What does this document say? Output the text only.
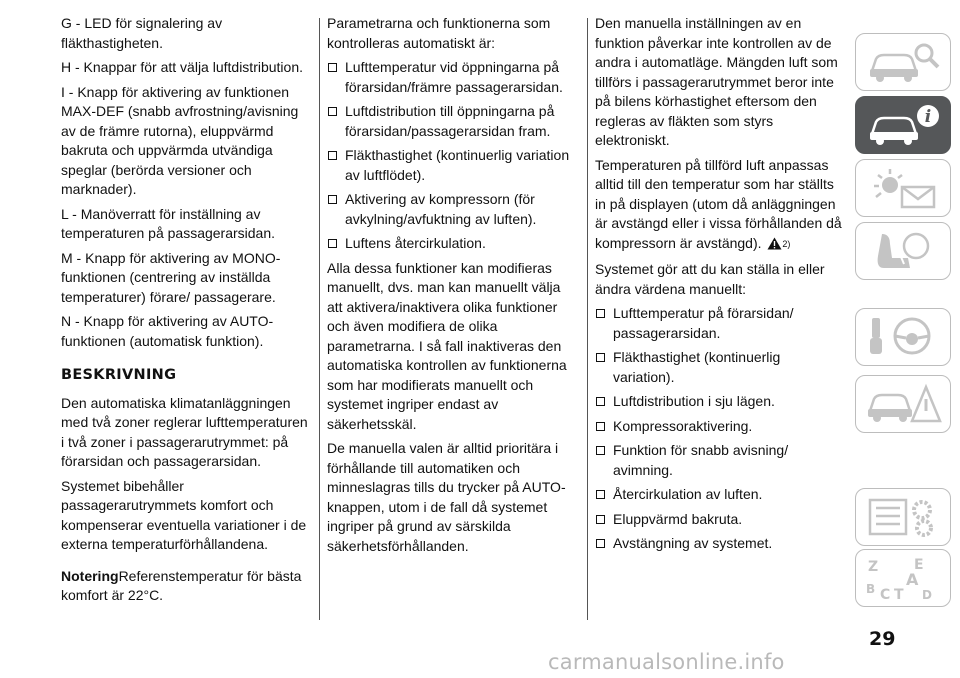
G - LED för signalering av fläkthastigheten.

H - Knappar för att välja luftdistribution.

I - Knapp för aktivering av funktionen MAX-DEF (snabb avfrostning/avisning av de främre rutorna), eluppvärmd bakruta och uppvärmda utvändiga speglar (berörda versioner och marknader).

L - Manöverratt för inställning av temperaturen på passagerarsidan.

M - Knapp för aktivering av MONO-funktionen (centrering av inställda temperaturer) förare/ passagerare.

N - Knapp för aktivering av AUTO-funktionen (automatisk funktion).

BESKRIVNING

Den automatiska klimatanläggningen med två zoner reglerar lufttemperaturen i två zoner i passagerarutrymmet: på förarsidan och passagerarsidan.

Systemet bibehåller passagerarutrymmets komfort och kompenserar eventuella variationer i de externa temperaturförhållandena.

NoteringReferenstemperatur för bästa komfort är 22°C.

Parametrarna och funktionerna som kontrolleras automatiskt är:

Lufttemperatur vid öppningarna på förarsidan/främre passagerarsidan.
Luftdistribution till öppningarna på förarsidan/passagerarsidan fram.
Fläkthastighet (kontinuerlig variation av luftflödet).
Aktivering av kompressorn (för avkylning/avfuktning av luften).
Luftens återcirkulation.

Alla dessa funktioner kan modifieras manuellt, dvs. man kan manuellt välja att aktivera/inaktivera olika funktioner och även modifiera de olika parametrarna. I så fall inaktiveras den automatiska kontrollen av funktionerna som har modifierats manuellt och systemet ingriper endast av säkerhetsskäl.

De manuella valen är alltid prioritära i förhållande till automatiken och minneslagras tills du trycker på AUTO-knappen, utom i de fall då systemet ingriper på grund av särskilda säkerhetsförhållanden.

Den manuella inställningen av en funktion påverkar inte kontrollen av de andra i automatläge. Mängden luft som tillförs i passagerarutrymmet beror inte på bilens körhastighet eftersom den regleras av fläkten som styrs elektroniskt.

Temperaturen på tillförd luft anpassas alltid till den temperatur som har ställts in på displayen (utom då anläggningen är avstängd eller i vissa förhållanden då kompressorn är avstängd). 2)

Systemet gör att du kan ställa in eller ändra värdena manuellt:

Lufttemperatur på förarsidan/ passagerarsidan.
Fläkthastighet (kontinuerlig variation).
Luftdistribution i sju lägen.
Kompressoraktivering.
Funktion för snabb avisning/ avimning.
Återcirkulation av luften.
Eluppvärmd bakruta.
Avstängning av systemet.
i
Z	E
B A
C T D
29
carmanualsonline.info
